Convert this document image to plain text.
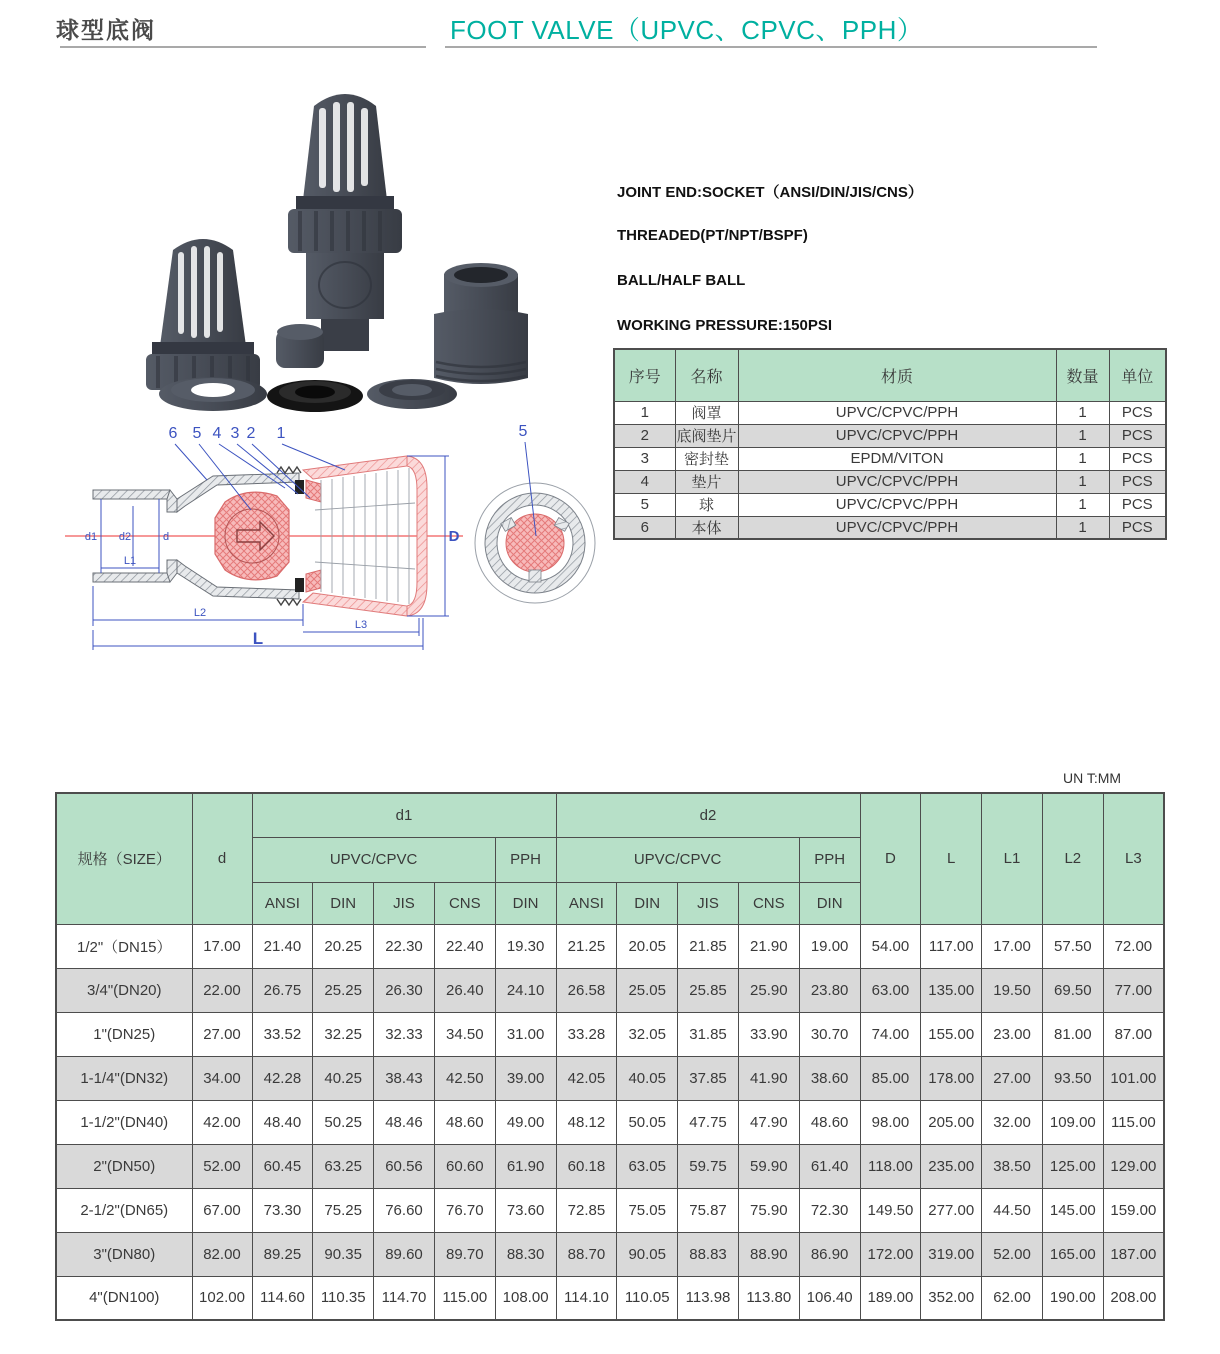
球型底阀	FOOT VALVE（UPVC、CPVC、PPH）
JOINT END:SOCKET（ANSI/DIN/JIS/CNS）
THREADED(PT/NPT/BSPF)
BALL/HALF BALL
WORKING PRESSURE:150PSI
序号	名称	材质	数量	单位
1	阀罩	UPVC/CPVC/PPH	1	PCS
2	底阀垫片	UPVC/CPVC/PPH	1	PCS
3	密封垫	EPDM/VITON	1	PCS
4	垫片	UPVC/CPVC/PPH	1	PCS
5	球	UPVC/CPVC/PPH	1	PCS
6	本体	UPVC/CPVC/PPH	1	PCS
d1 d2	d
L1
L2
L3
L
D
6 5 4 3 2 1	5
UN T:MM
规格（SIZE）	d	d1					d2					D	L	L1	L2	L3
		UPVC/CPVC				PPH	UPVC/CPVC				PPH					
		ANSI	DIN	JIS	CNS	DIN	ANSI	DIN	JIS	CNS	DIN					
1/2"（DN15）	17.00	21.40	20.25	22.30	22.40	19.30	21.25	20.05	21.85	21.90	19.00	54.00	117.00	17.00	57.50	72.00
3/4"(DN20)	22.00	26.75	25.25	26.30	26.40	24.10	26.58	25.05	25.85	25.90	23.80	63.00	135.00	19.50	69.50	77.00
1"(DN25)	27.00	33.52	32.25	32.33	34.50	31.00	33.28	32.05	31.85	33.90	30.70	74.00	155.00	23.00	81.00	87.00
1-1/4"(DN32)	34.00	42.28	40.25	38.43	42.50	39.00	42.05	40.05	37.85	41.90	38.60	85.00	178.00	27.00	93.50	101.00
1-1/2"(DN40)	42.00	48.40	50.25	48.46	48.60	49.00	48.12	50.05	47.75	47.90	48.60	98.00	205.00	32.00	109.00	115.00
2"(DN50)	52.00	60.45	63.25	60.56	60.60	61.90	60.18	63.05	59.75	59.90	61.40	118.00	235.00	38.50	125.00	129.00
2-1/2"(DN65)	67.00	73.30	75.25	76.60	76.70	73.60	72.85	75.05	75.87	75.90	72.30	149.50	277.00	44.50	145.00	159.00
3"(DN80)	82.00	89.25	90.35	89.60	89.70	88.30	88.70	90.05	88.83	88.90	86.90	172.00	319.00	52.00	165.00	187.00
4"(DN100)	102.00	114.60	110.35	114.70	115.00	108.00	114.10	110.05	113.98	113.80	106.40	189.00	352.00	62.00	190.00	208.00
